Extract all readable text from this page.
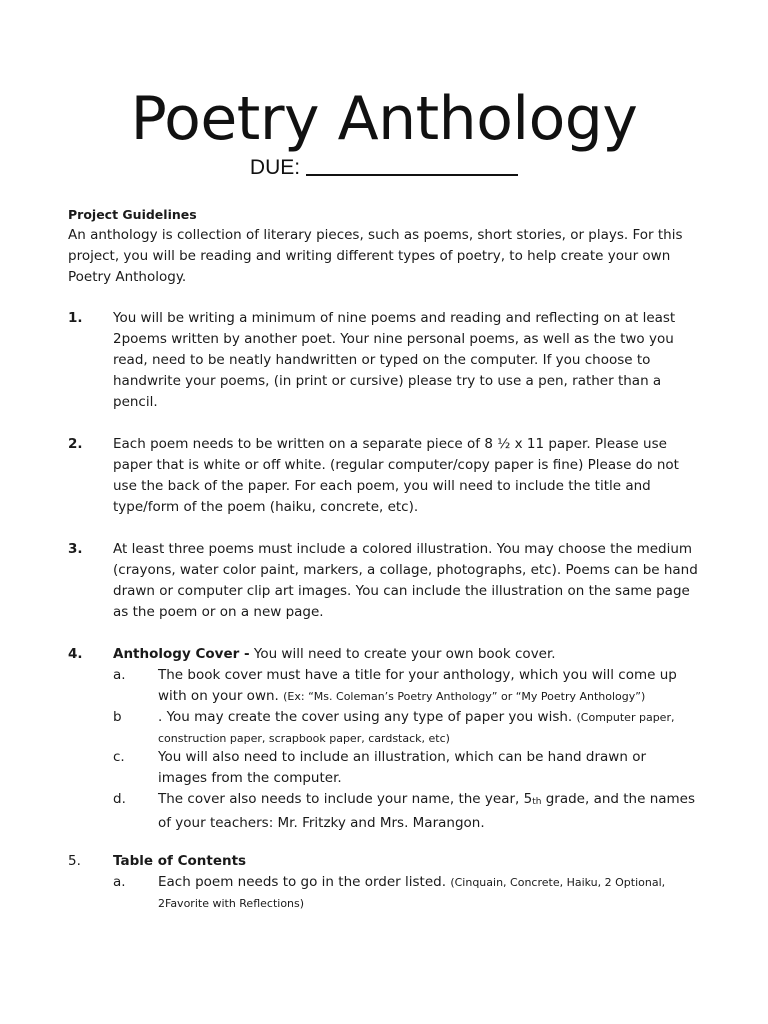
Poetry Anthology
DUE:
Project Guidelines
An anthology is collection of literary pieces, such as poems, short stories, or plays. For this project, you will be reading and writing different types of poetry, to help create your own Poetry Anthology.
1. You will be writing a minimum of nine poems and reading and reflecting on at least 2poems written by another poet. Your nine personal poems, as well as the two you read, need to be neatly handwritten or typed on the computer. If you choose to handwrite your poems, (in print or cursive) please try to use a pen, rather than a pencil.
2. Each poem needs to be written on a separate piece of 8 ½ x 11 paper. Please use paper that is white or off white. (regular computer/copy paper is fine) Please do not use the back of the paper. For each poem, you will need to include the title and type/form of the poem (haiku, concrete, etc).
3. At least three poems must include a colored illustration. You may choose the medium (crayons, water color paint, markers, a collage, photographs, etc). Poems can be hand drawn or computer clip art images. You can include the illustration on the same page as the poem or on a new page.
4. Anthology Cover - You will need to create your own book cover.
a.	The book cover must have a title for your anthology, which you will come up with on your own. (Ex: “Ms. Coleman’s Poetry Anthology” or “My Poetry Anthology”)
b	. You may create the cover using any type of paper you wish. (Computer paper, construction paper, scrapbook paper, cardstack, etc)
c.	You will also need to include an illustration, which can be hand drawn or images from the computer.
d.	The cover also needs to include your name, the year, 5th grade, and the names of your teachers: Mr. Fritzky and Mrs. Marangon.
5. Table of Contents
a.	Each poem needs to go in the order listed. (Cinquain, Concrete, Haiku, 2 Optional, 2Favorite with Reflections)
